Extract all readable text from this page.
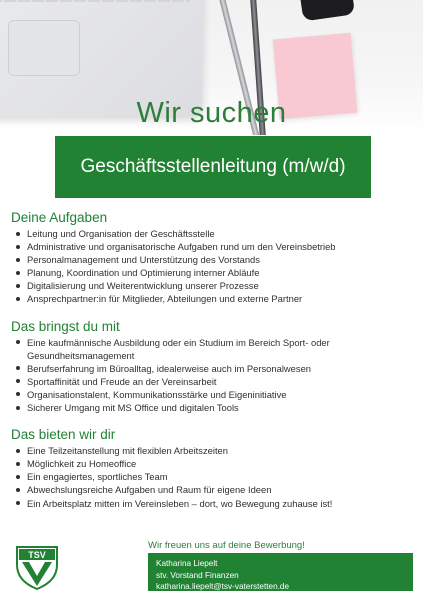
Wir suchen
Geschäftsstellenleitung (m/w/d)
Deine Aufgaben
Leitung und Organisation der Geschäftsstelle
Administrative und organisatorische Aufgaben rund um den Vereinsbetrieb
Personalmanagement und Unterstützung des Vorstands
Planung, Koordination und Optimierung interner Abläufe
Digitalisierung und Weiterentwicklung unserer Prozesse
Ansprechpartner:in für Mitglieder, Abteilungen und externe Partner
Das bringst du mit
Eine kaufmännische Ausbildung oder ein Studium im Bereich Sport- oder Gesundheitsmanagement
Berufserfahrung im Büroalltag, idealerweise auch im Personalwesen
Sportaffinität und Freude an der Vereinsarbeit
Organisationstalent, Kommunikationsstärke und Eigeninitiative
Sicherer Umgang mit MS Office und digitalen Tools
Das bieten wir dir
Eine Teilzeitanstellung mit flexiblen Arbeitszeiten
Möglichkeit zu Homeoffice
Ein engagiertes, sportliches Team
Abwechslungsreiche Aufgaben und Raum für eigene Ideen
Ein Arbeitsplatz mitten im Vereinsleben – dort, wo Bewegung zuhause ist!
TSV
Wir freuen uns auf deine Bewerbung!
Katharina Liepelt
stv. Vorstand Finanzen
katharina.liepelt@tsv-vaterstetten.de
